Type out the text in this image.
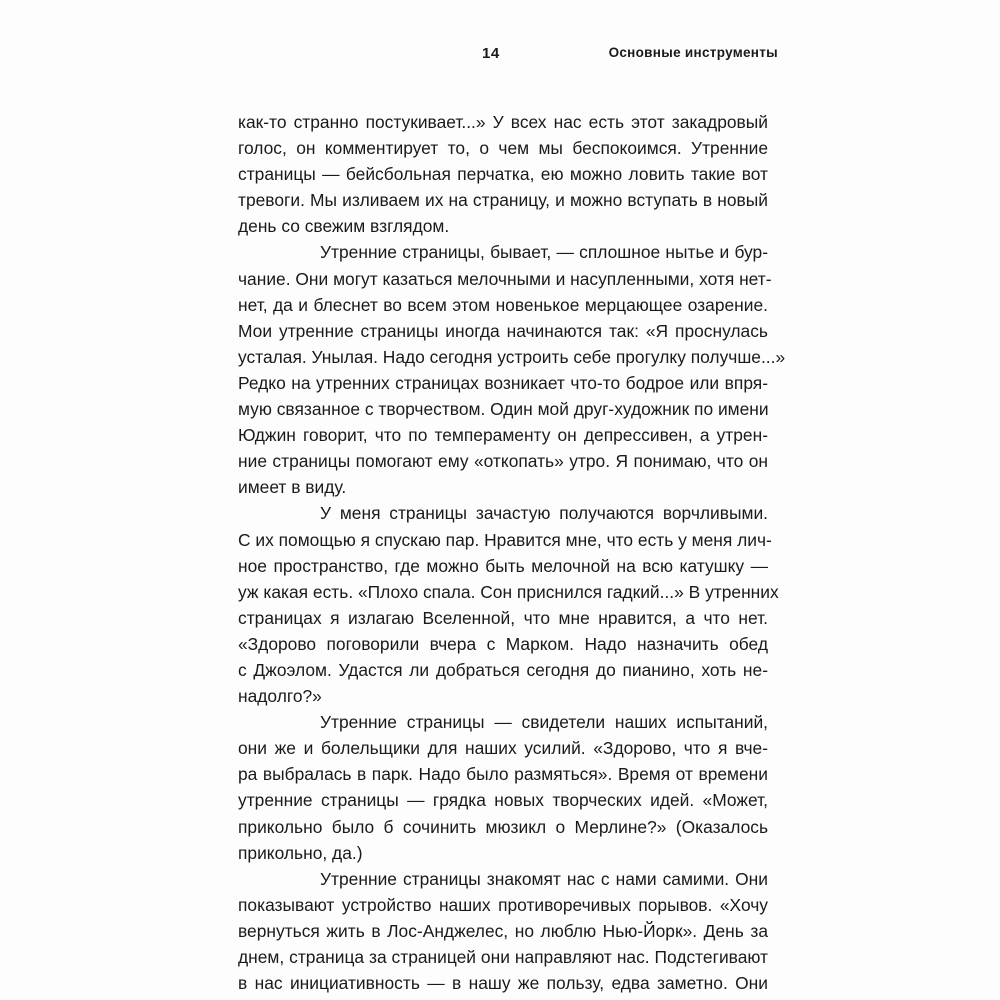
14	Основные инструменты
как-то странно постукивает...» У всех нас есть этот закадровый
голос, он комментирует то, о чем мы беспокоимся. Утренние
страницы — бейсбольная перчатка, ею можно ловить такие вот
тревоги. Мы изливаем их на страницу, и можно вступать в новый
день со свежим взглядом.
Утренние страницы, бывает, — сплошное нытье и бур-
чание. Они могут казаться мелочными и насупленными, хотя нет-
нет, да и блеснет во всем этом новенькое мерцающее озарение.
Мои утренние страницы иногда начинаются так: «Я проснулась
усталая. Унылая. Надо сегодня устроить себе прогулку получше...»
Редко на утренних страницах возникает что-то бодрое или впря-
мую связанное с творчеством. Один мой друг-художник по имени
Юджин говорит, что по темпераменту он депрессивен, а утрен-
ние страницы помогают ему «откопать» утро. Я понимаю, что он
имеет в виду.
У меня страницы зачастую получаются ворчливыми.
С их помощью я спускаю пар. Нравится мне, что есть у меня лич-
ное пространство, где можно быть мелочной на всю катушку —
уж какая есть. «Плохо спала. Сон приснился гадкий...» В утренних
страницах я излагаю Вселенной, что мне нравится, а что нет.
«Здорово поговорили вчера с Марком. Надо назначить обед
с Джоэлом. Удастся ли добраться сегодня до пианино, хоть не-
надолго?»
Утренние страницы — свидетели наших испытаний,
они же и болельщики для наших усилий. «Здорово, что я вче-
ра выбралась в парк. Надо было размяться». Время от времени
утренние страницы — грядка новых творческих идей. «Может,
прикольно было б сочинить мюзикл о Мерлине?» (Оказалось
прикольно, да.)
Утренние страницы знакомят нас с нами самими. Они
показывают устройство наших противоречивых порывов. «Хочу
вернуться жить в Лос-Анджелес, но люблю Нью-Йорк». День за
днем, страница за страницей они направляют нас. Подстегивают
в нас инициативность — в нашу же пользу, едва заметно. Они
